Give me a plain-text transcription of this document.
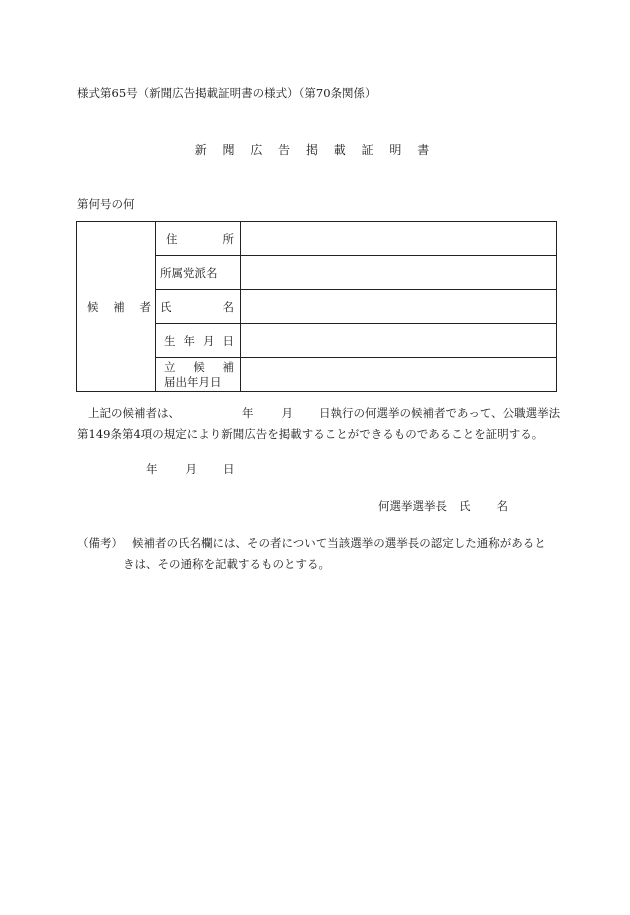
様式第65号（新聞広告掲載証明書の様式）（第70条関係）
新 聞 広 告 掲 載 証 明 書
第何号の何
候 補 者	住 所	

	所属党派名	

	氏 名	

	生 年 月 日	

	立 候 補
届出年月日	

上記の候補者は、	年 月 日執行の何選挙の候補者であって、公職選挙法

第149条第4項の規定により新聞広告を掲載することができるものであることを証明する。

年 月 日
何選挙選挙長 氏 名

（備考） 候補者の氏名欄には、その者について当該選挙の選挙長の認定した通称があると

きは、その通称を記載するものとする。
